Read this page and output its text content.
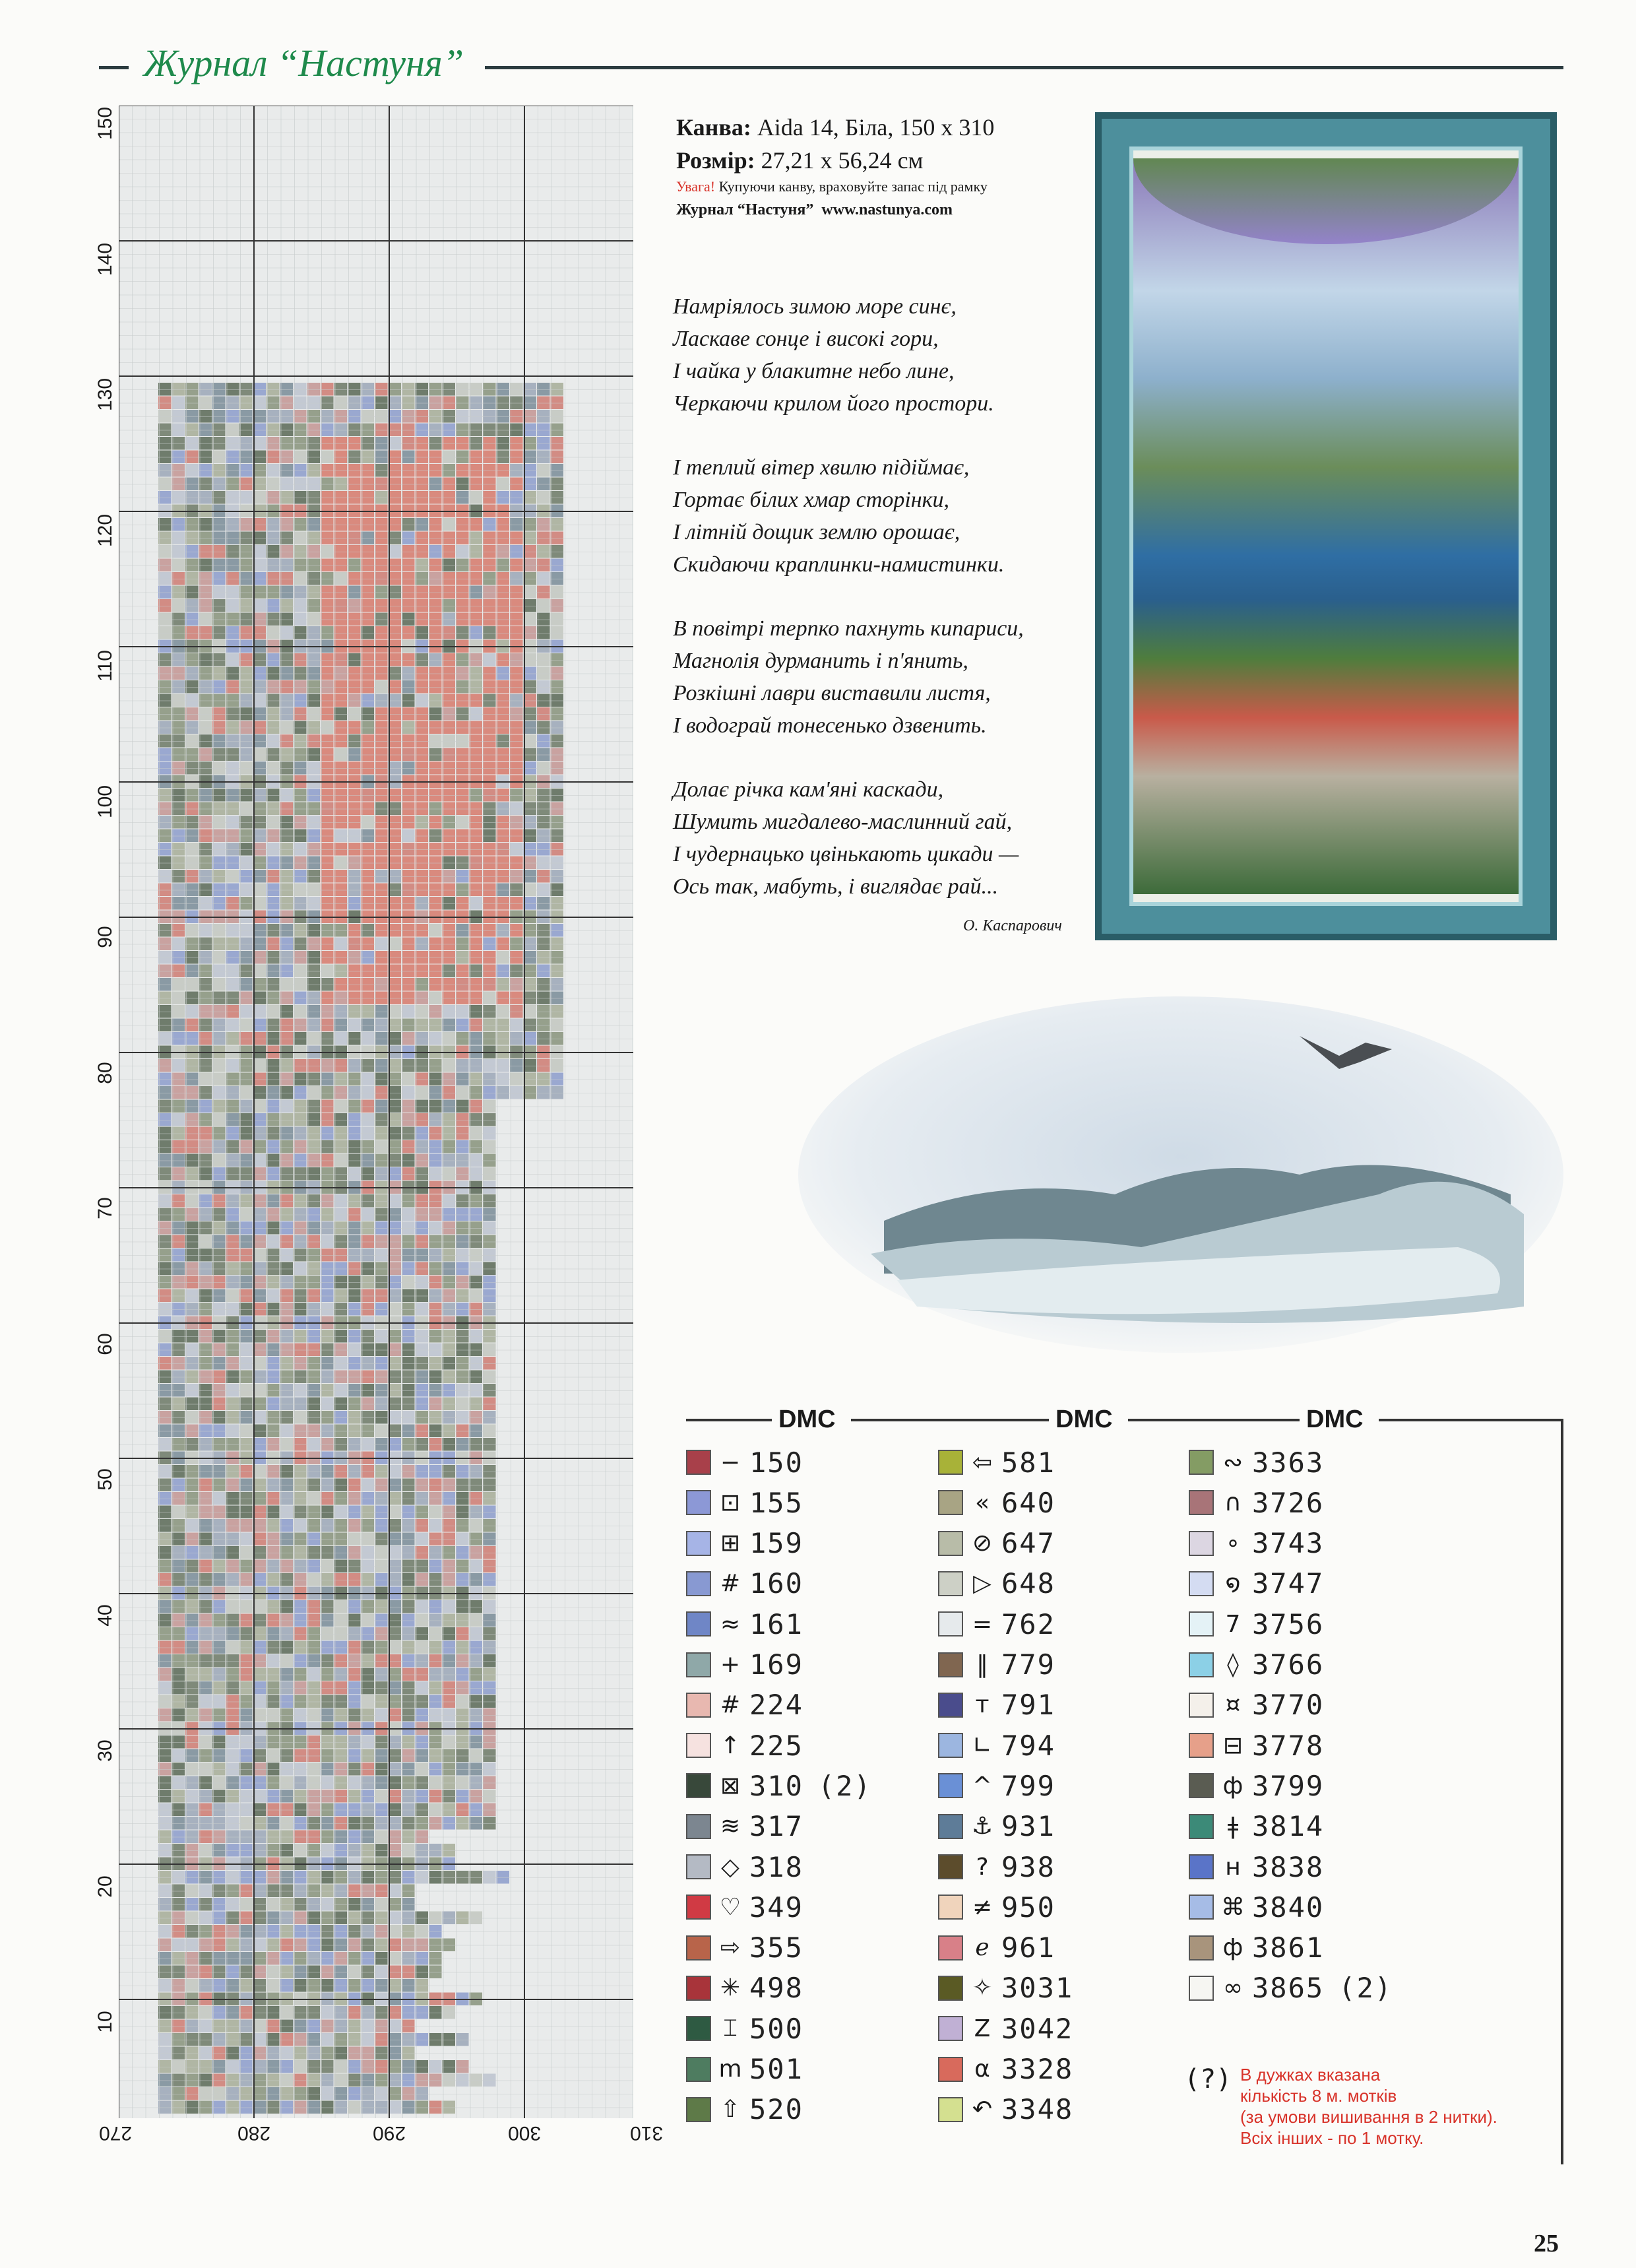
Журнал “Настуня”
150
140
130
120
110
100
90
80
70
60
50
40
30
20
10
270	280	290	300	310
Канва: Aida 14, Біла, 150 х 310
Розмір: 27,21 х 56,24 см
Увага! Купуючи канву, враховуйте запас під рамку
Журнал “Настуня” www.nastunya.com
Намріялось зимою море синє,
Ласкаве сонце і високі гори,
І чайка у блакитне небо лине,
Черкаючи крилом його простори.
І теплий вітер хвилю підіймає,
Гортає білих хмар сторінки,
І літній дощик землю орошає,
Скидаючи краплинки-намистинки.
В повітрі терпко пахнуть кипариси,
Магнолія дурманить і п'янить,
Розкішні лаври виставили листя,
І водограй тонесенько дзвенить.
Долає річка кам'яні каскади,
Шумить мигдалево-маслинний гай,
І чудернацько цвінькають цикади —
Ось так, мабуть, і виглядає рай...
О. Каспарович
DMC	DMC	DMC
− 150
⊡ 155
⊞ 159
# 160
≈ 161
+ 169
# 224
↑ 225
⊠ 310 (2)
≋ 317
◇ 318
♡ 349
⇨ 355
✳ 498
⌶ 500
m 501
⇧ 520
⇦ 581
« 640
⊘ 647
▷ 648
= 762
‖ 779
т 791
∟ 794
^ 799
⚓ 931
? 938
≠ 950
ℯ 961
✧ 3031
Z 3042
α 3328
↶ 3348
∾ 3363
∩ 3726
∘ 3743
໑ 3747
7 3756
◊ 3766
¤ 3770
⊟ 3778
ф 3799
ǂ 3814
н 3838
⌘ 3840
ф 3861
∞ 3865 (2)
(?) В дужках вказана
кількість 8 м. мотків
(за умови вишивання в 2 нитки).
Всіх інших - по 1 мотку.
25
